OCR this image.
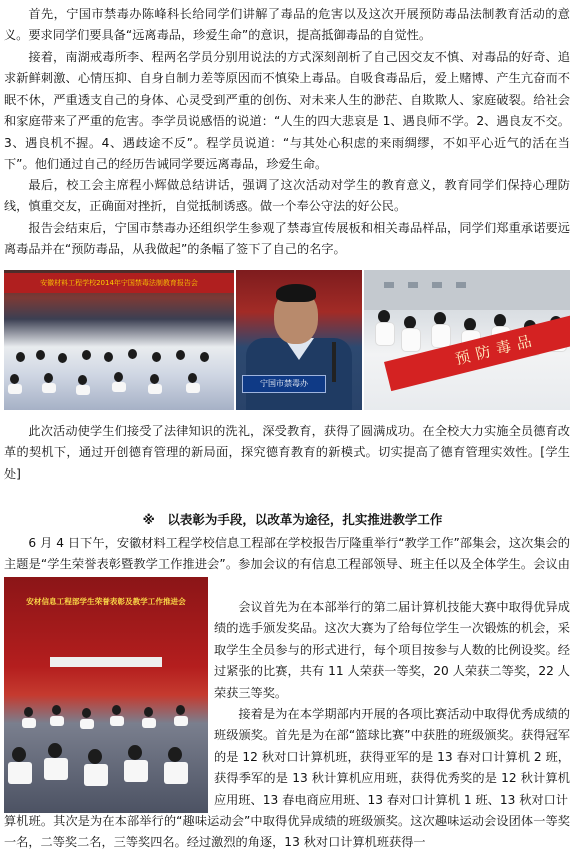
首先，宁国市禁毒办陈峰科长给同学们讲解了毒品的危害以及这次开展预防毒品法制教育活动的意义。要求同学们要具备“远离毒品，珍爱生命”的意识，提高抵御毒品的自觉性。

接着，南湖戒毒所李、程两名学员分别用说法的方式深刻剖析了自己因交友不慎、对毒品的好奇、追求新鲜刺激、心情压抑、自身自制力差等原因而不慎染上毒品。自吸食毒品后，爱上赌博、产生亢奋而不眠不休，严重透支自己的身体、心灵受到严重的创伤、对未来人生的渺茫、自欺欺人、家庭破裂。给社会和家庭带来了严重的危害。李学员说感悟的说道：“人生的四大悲哀是 1、遇良师不学。2、遇良友不交。3、遇良机不握。4、遇歧途不反”。程学员说道：“与其处心积虑的来雨绸缪，不如平心近气的活在当下”。他们通过自己的经历告诫同学要远离毒品，珍爱生命。

最后，校工会主席程小辉做总结讲话，强调了这次活动对学生的教育意义，教育同学们保持心理防线，慎重交友，正确面对挫折，自觉抵制诱惑。做一个奉公守法的好公民。

报告会结束后，宁国市禁毒办还组织学生参观了禁毒宣传展板和相关毒品样品，同学们郑重承诺要远离毒品并在“预防毒品，从我做起”的条幅了签下了自己的名字。

安徽材料工程学校2014年宁国禁毒法制教育报告会
宁国市禁毒办
预防毒品

此次活动使学生们接受了法律知识的洗礼，深受教育，获得了圆满成功。在全校大力实施全员德育改革的契机下，通过开创德育管理的新局面，探究德育教育的新模式。切实提高了德育管理实效性。[学生处]

※　以表彰为手段，以改革为途径，扎实推进教学工作

6 月 4 日下午，安徽材料工程学校信息工程部在学校报告厅隆重举行“教学工作”部集会，这次集会的主题是“学生荣誉表彰暨教学工作推进会”。参加会议的有信息工程部领导、班主任以及全体学生。会议由

安材信息工程部学生荣誉表彰及教学工作推进会	会议首先为在本部举行的第二届计算机技能大赛中取得优异成绩的选手颁发奖品。这次大赛为了给每位学生一次锻炼的机会，采取学生全员参与的形式进行，每个项目按参与人数的比例设奖。经过紧张的比赛，共有 11 人荣获一等奖，20 人荣获二等奖，22 人荣获三等奖。

接着是为在本学期部内开展的各项比赛活动中取得优秀成绩的班级颁奖。首先是为在部“篮球比赛”中获胜的班级颁奖。获得冠军的是 12 秋对口计算机班，获得亚军的是 13 春对口计算机 2 班，获得季军的是 13 秋计算机应用班，获得优秀奖的是 12 秋计算机应用班、13 春电商应用班、13 春对口计算机 1 班、13 秋对口计

算机班。其次是为在本部举行的“趣味运动会”中取得优异成绩的班级颁奖。这次趣味运动会设团体一等奖一名，二等奖二名，三等奖四名。经过激烈的角逐，13 秋对口计算机班获得一
